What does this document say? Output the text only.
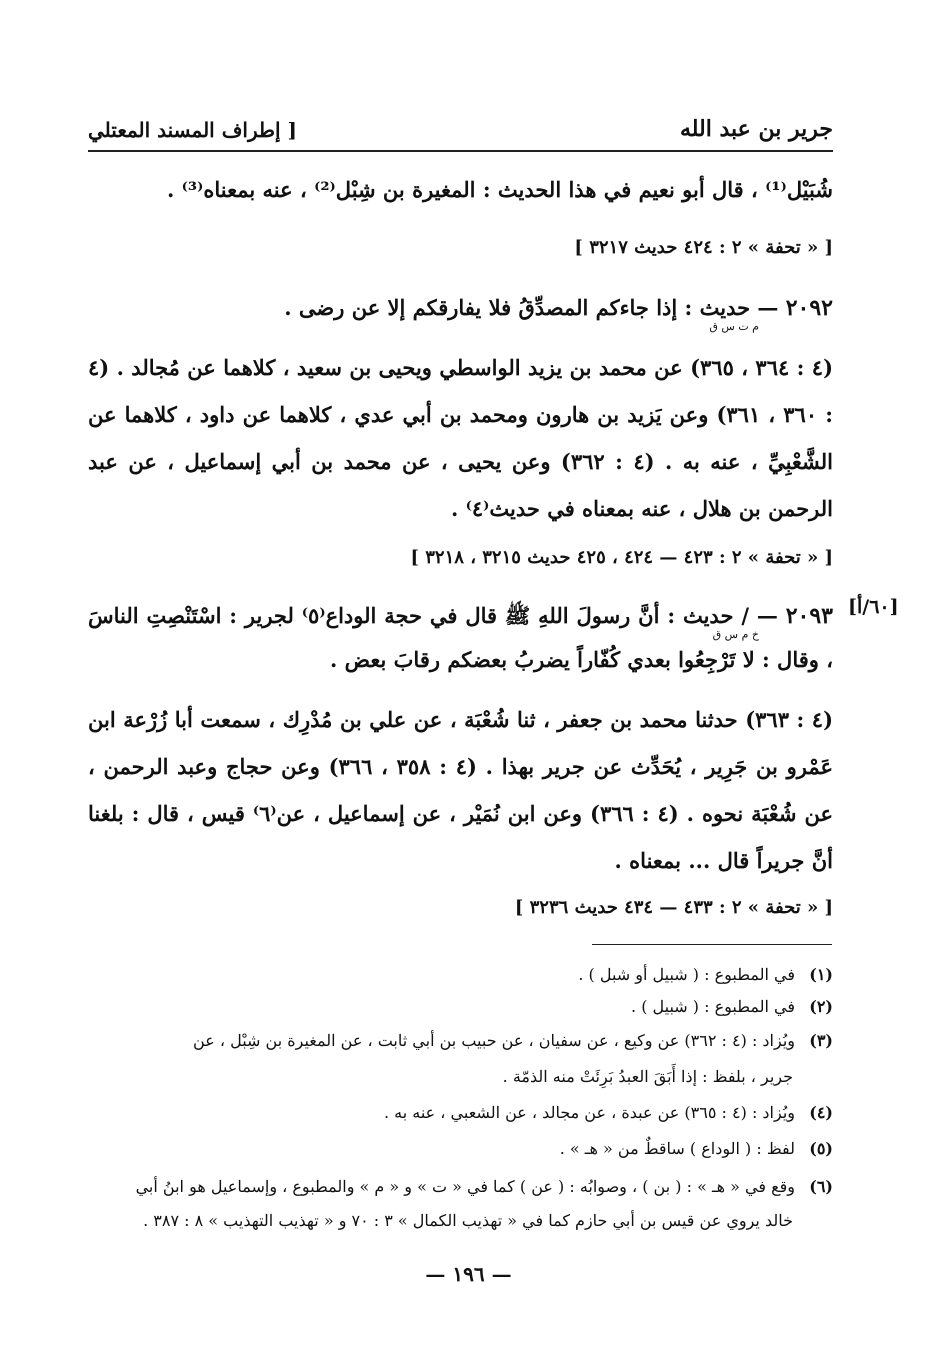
جرير بن عبد الله
[ إطراف المسند المعتلي

شُبَيْل⁽¹⁾ ، قال أبو نعيم في هذا الحديث : المغيرة بن شِبْل⁽²⁾ ، عنه بمعناه⁽³⁾ .

[ « تحفة » ٢ : ٤٢٤ حديث ٣٢١٧ ]

٢٠٩٢ — حديث : إذا جاءكم المصدِّقُ فلا يفارقكم إلا عن رضى .

م ت س ق

(٤ : ٣٦٤ ، ٣٦٥) عن محمد بن يزيد الواسطي ويحيى بن سعيد ، كلاهما عن مُجالد . (٤ : ٣٦٠ ، ٣٦١) وعن يَزيد بن هارون ومحمد بن أبي عدي ، كلاهما عن داود ، كلاهما عن الشَّعْبِيِّ ، عنه به . (٤ : ٣٦٢) وعن يحيى ، عن محمد بن أبي إسماعيل ، عن عبد الرحمن بن هلال ، عنه بمعناه في حديث⁽٤⁾ .

[ « تحفة » ٢ : ٤٢٣ — ٤٢٤ ، ٤٢٥ حديث ٣٢١٥ ، ٣٢١٨ ]

[٦٠/أ]

٢٠٩٣ — / حديث : أنَّ رسولَ اللهِ ﷺ قال في حجة الوداع⁽٥⁾ لجرير : اسْتَنْصِتِ الناسَ ، وقال : لا تَرْجِعُوا بعدي كُفّاراً يضربُ بعضكم رقابَ بعض .

خ م س ق

(٤ : ٣٦٣) حدثنا محمد بن جعفر ، ثنا شُعْبَة ، عن علي بن مُدْرِك ، سمعت أبا زُرْعة ابن عَمْرو بن جَرِير ، يُحَدِّث عن جرير بهذا . (٤ : ٣٥٨ ، ٣٦٦) وعن حجاج وعبد الرحمن ، عن شُعْبَة نحوه . (٤ : ٣٦٦) وعن ابن نُمَيْر ، عن إسماعيل ، عن⁽٦⁾ قيس ، قال : بلغنا أنَّ جريراً قال ... بمعناه .

[ « تحفة » ٢ : ٤٣٣ — ٤٣٤ حديث ٣٢٣٦ ]

(١)في المطبوع : ( شبيل أو شبل ) .

(٢)في المطبوع : ( شبيل ) .

(٣)ويُزاد : (٤ : ٣٦٢) عن وكيع ، عن سفيان ، عن حبيب بن أبي ثابت ، عن المغيرة بن شِبْل ، عن

جرير ، بلفظ : إذا أَبَقَ العبدُ بَرِئَتْ منه الذمّة .

(٤)ويُزاد : (٤ : ٣٦٥) عن عبدة ، عن مجالد ، عن الشعبي ، عنه به .

(٥)لفظ : ( الوداع ) ساقطٌ من « هـ » .

(٦)وقع في « هـ » : ( بن ) ، وصوابُه : ( عن ) كما في « ت » و « م » والمطبوع ، وإسماعيل هو ابنُ أبي

خالد يروي عن قيس بن أبي حازم كما في « تهذيب الكمال » ٣ : ٧٠ و « تهذيب التهذيب » ٨ : ٣٨٧ .

— ١٩٦ —
